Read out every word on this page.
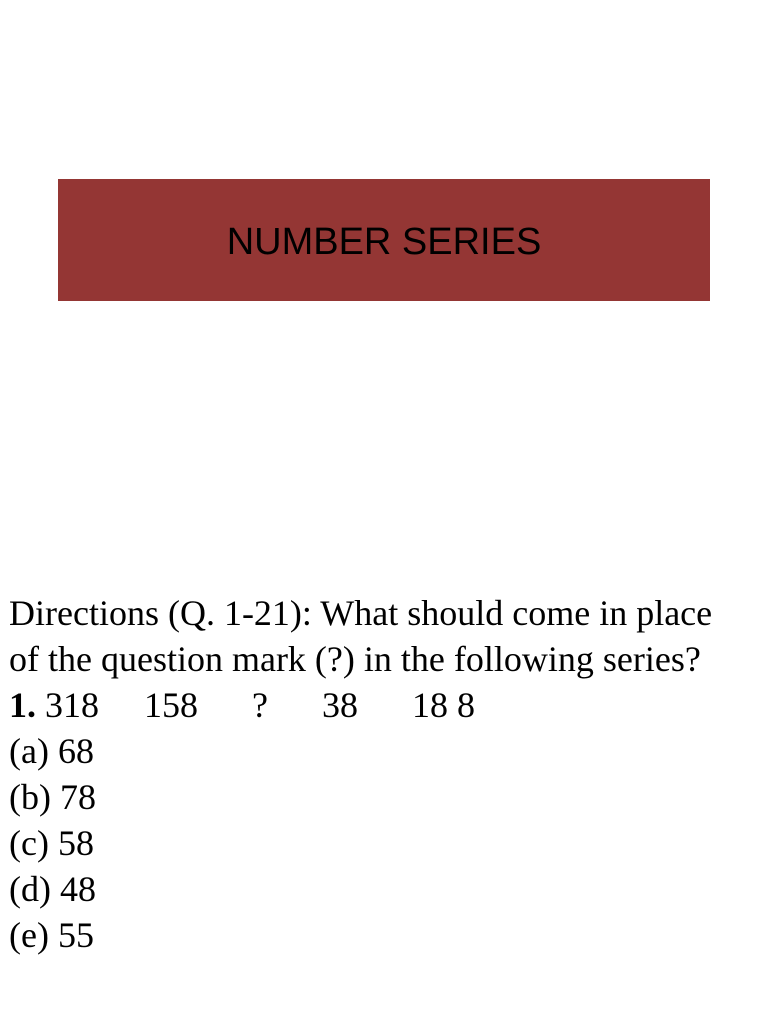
NUMBER SERIES

Directions (Q. 1-21): What should come in place of the question mark (?) in the following series?

1. 318 158 ? 38 18 8

(a) 68
(b) 78
(c) 58
(d) 48
(e) 55
